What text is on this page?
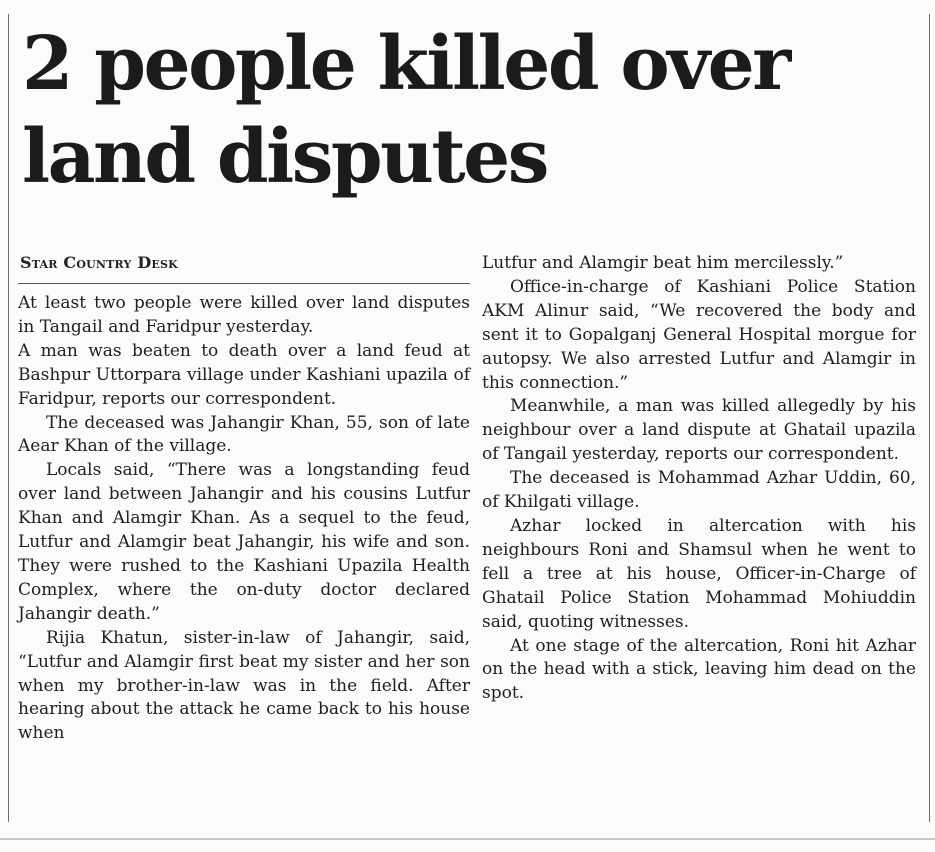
2 people killed over
land disputes
Star Country Desk

At least two people were killed over land disputes in Tangail and Faridpur yesterday.

A man was beaten to death over a land feud at Bashpur Uttorpara village under Kashiani upazila of Faridpur, reports our correspondent.

The deceased was Jahangir Khan, 55, son of late Aear Khan of the village.

Locals said, “There was a longstanding feud over land between Jahangir and his cousins Lutfur Khan and Alamgir Khan. As a sequel to the feud, Lutfur and Alamgir beat Jahangir, his wife and son. They were rushed to the Kashiani Upazila Health Complex, where the on-duty doctor declared Jahangir death.”

Rijia Khatun, sister-in-law of Jahangir, said, “Lutfur and Alamgir first beat my sister and her son when my brother-in-law was in the field. After hearing about the attack he came back to his house when

Lutfur and Alamgir beat him mercilessly.”

Office-in-charge of Kashiani Police Station AKM Alinur said, “We recovered the body and sent it to Gopalganj General Hospital morgue for autopsy. We also arrested Lutfur and Alamgir in this connection.”

Meanwhile, a man was killed allegedly by his neighbour over a land dispute at Ghatail upazila of Tangail yesterday, reports our correspondent.

The deceased is Mohammad Azhar Uddin, 60, of Khilgati village.

Azhar locked in altercation with his neighbours Roni and Shamsul when he went to fell a tree at his house, Officer-in-Charge of Ghatail Police Station Mohammad Mohiuddin said, quoting witnesses.

At one stage of the altercation, Roni hit Azhar on the head with a stick, leaving him dead on the spot.
